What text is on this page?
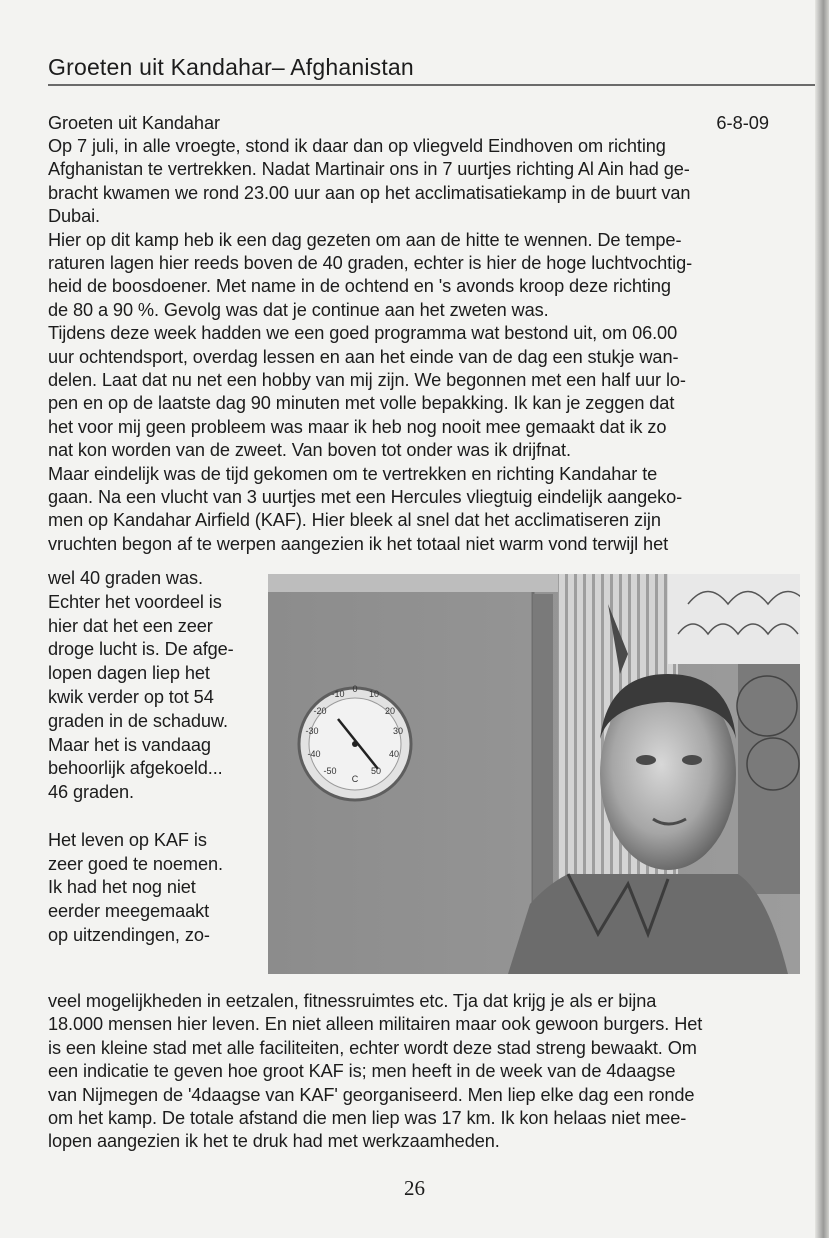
Groeten uit Kandahar– Afghanistan
Groeten uit Kandahar	6-8-09
Op 7 juli, in alle vroegte, stond ik daar dan op vliegveld Eindhoven om richting
Afghanistan te vertrekken. Nadat Martinair ons in 7 uurtjes richting Al Ain had ge-
bracht kwamen we rond 23.00 uur aan op het acclimatisatiekamp in de buurt van
Dubai.
Hier op dit kamp heb ik een dag gezeten om aan de hitte te wennen. De tempe-
raturen lagen hier reeds boven de 40 graden, echter is hier de hoge luchtvochtig-
heid de boosdoener. Met name in de ochtend en 's avonds kroop deze richting
de 80 a 90 %. Gevolg was dat je continue aan het zweten was.
Tijdens deze week hadden we een goed programma wat bestond uit, om 06.00
uur ochtendsport, overdag lessen en aan het einde van de dag een stukje wan-
delen. Laat dat nu net een hobby van mij zijn. We begonnen met een half uur lo-
pen en op de laatste dag 90 minuten met volle bepakking. Ik kan je zeggen dat
het voor mij geen probleem was maar ik heb nog nooit mee gemaakt dat ik zo
nat kon worden van de zweet. Van boven tot onder was ik drijfnat.
Maar eindelijk was de tijd gekomen om te vertrekken en richting Kandahar te
gaan. Na een vlucht van 3 uurtjes met een Hercules vliegtuig eindelijk aangeko-
men op Kandahar Airfield (KAF). Hier bleek al snel dat het acclimatiseren zijn
vruchten begon af te werpen aangezien ik het totaal niet warm vond terwijl het
wel 40 graden was.
Echter het voordeel is
hier dat het een zeer
droge lucht is. De afge-
lopen dagen liep het
kwik verder op tot 54
graden in de schaduw.
Maar het is vandaag
behoorlijk afgekoeld...
46 graden.
Het leven op KAF is
zeer goed te noemen.
Ik had het nog niet
eerder meegemaakt
op uitzendingen, zo-
-10 0 10
-20	20
-30	30
-40	40
-50	50
C
veel mogelijkheden in eetzalen, fitnessruimtes etc. Tja dat krijg je als er bijna
18.000 mensen hier leven. En niet alleen militairen maar ook gewoon burgers. Het
is een kleine stad met alle faciliteiten, echter wordt deze stad streng bewaakt. Om
een indicatie te geven hoe groot KAF is; men heeft in de week van de 4daagse
van Nijmegen de '4daagse van KAF' georganiseerd. Men liep elke dag een ronde
om het kamp. De totale afstand die men liep was 17 km. Ik kon helaas niet mee-
lopen aangezien ik het te druk had met werkzaamheden.
26
